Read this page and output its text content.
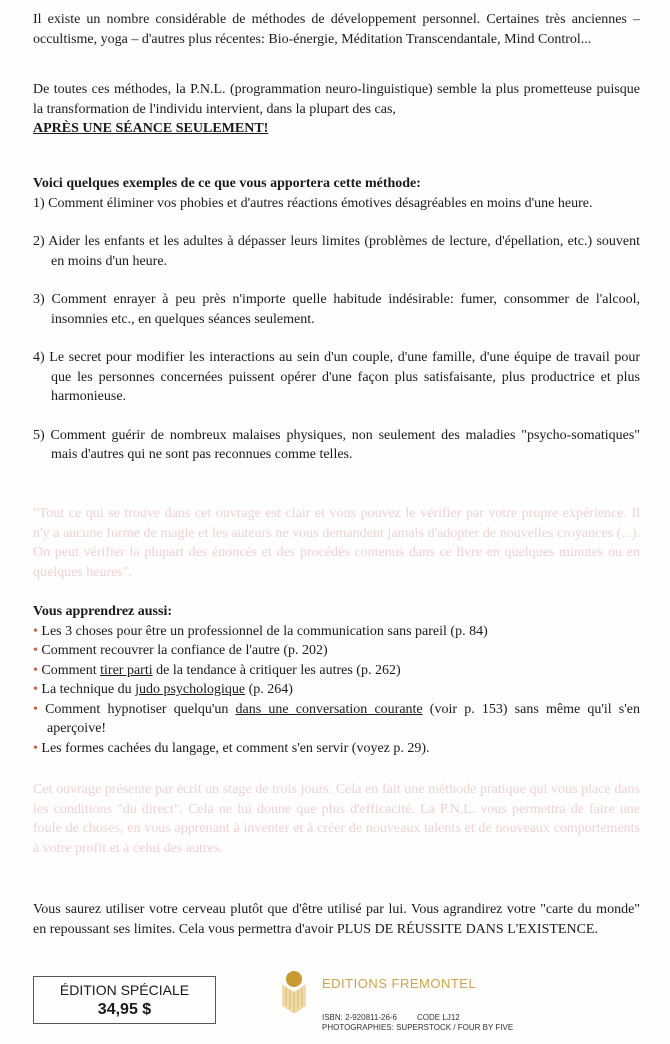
Il existe un nombre considérable de méthodes de développement personnel. Certaines très anciennes – occultisme, yoga – d'autres plus récentes: Bio-énergie, Méditation Transcendantale, Mind Control...

De toutes ces méthodes, la P.N.L. (programmation neuro-linguistique) semble la plus prometteuse puisque la transformation de l'individu intervient, dans la plupart des cas,
APRÈS UNE SÉANCE SEULEMENT!

Voici quelques exemples de ce que vous apportera cette méthode:
1) Comment éliminer vos phobies et d'autres réactions émotives désagréables en moins d'une heure.
2) Aider les enfants et les adultes à dépasser leurs limites (problèmes de lecture, d'épellation, etc.) souvent en moins d'un heure.
3) Comment enrayer à peu près n'importe quelle habitude indésirable: fumer, consommer de l'alcool, insomnies etc., en quelques séances seulement.
4) Le secret pour modifier les interactions au sein d'un couple, d'une famille, d'une équipe de travail pour que les personnes concernées puissent opérer d'une façon plus satisfaisante, plus productrice et plus harmonieuse.
5) Comment guérir de nombreux malaises physiques, non seulement des maladies "psycho-somatiques" mais d'autres qui ne sont pas reconnues comme telles.

"Tout ce qui se trouve dans cet ouvrage est clair et vous pouvez le vérifier par votre propre expérience. Il n'y a aucune forme de magie et les auteurs ne vous demandent jamais d'adopter de nouvelles croyances (...). On peut vérifier la plupart des énoncés et des procédés contenus dans ce livre en quelques minutes ou en quelques heures".

Vous apprendrez aussi:
• Les 3 choses pour être un professionnel de la communication sans pareil (p. 84)
• Comment recouvrer la confiance de l'autre (p. 202)
• Comment tirer parti de la tendance à critiquer les autres (p. 262)
• La technique du judo psychologique (p. 264)
• Comment hypnotiser quelqu'un dans une conversation courante (voir p. 153) sans même qu'il s'en aperçoive!
• Les formes cachées du langage, et comment s'en servir (voyez p. 29).

Cet ouvrage présente par écrit un stage de trois jours. Cela en fait une méthode pratique qui vous place dans les conditions "du direct". Cela ne lui donne que plus d'efficacité. La P.N.L. vous permettra de faire une foule de choses, en vous apprenant à inventer et à créer de nouveaux talents et de nouveaux comportements à votre profit et à celui des autres.

Vous saurez utiliser votre cerveau plutôt que d'être utilisé par lui. Vous agrandirez votre "carte du monde" en repoussant ses limites. Cela vous permettra d'avoir PLUS DE RÉUSSITE DANS L'EXISTENCE.

ÉDITION SPÉCIALE
34,95 $
EDITIONS FREMONTEL
ISBN: 2-920811-26-6	CODE LJ12
PHOTOGRAPHIES: SUPERSTOCK / FOUR BY FIVE
